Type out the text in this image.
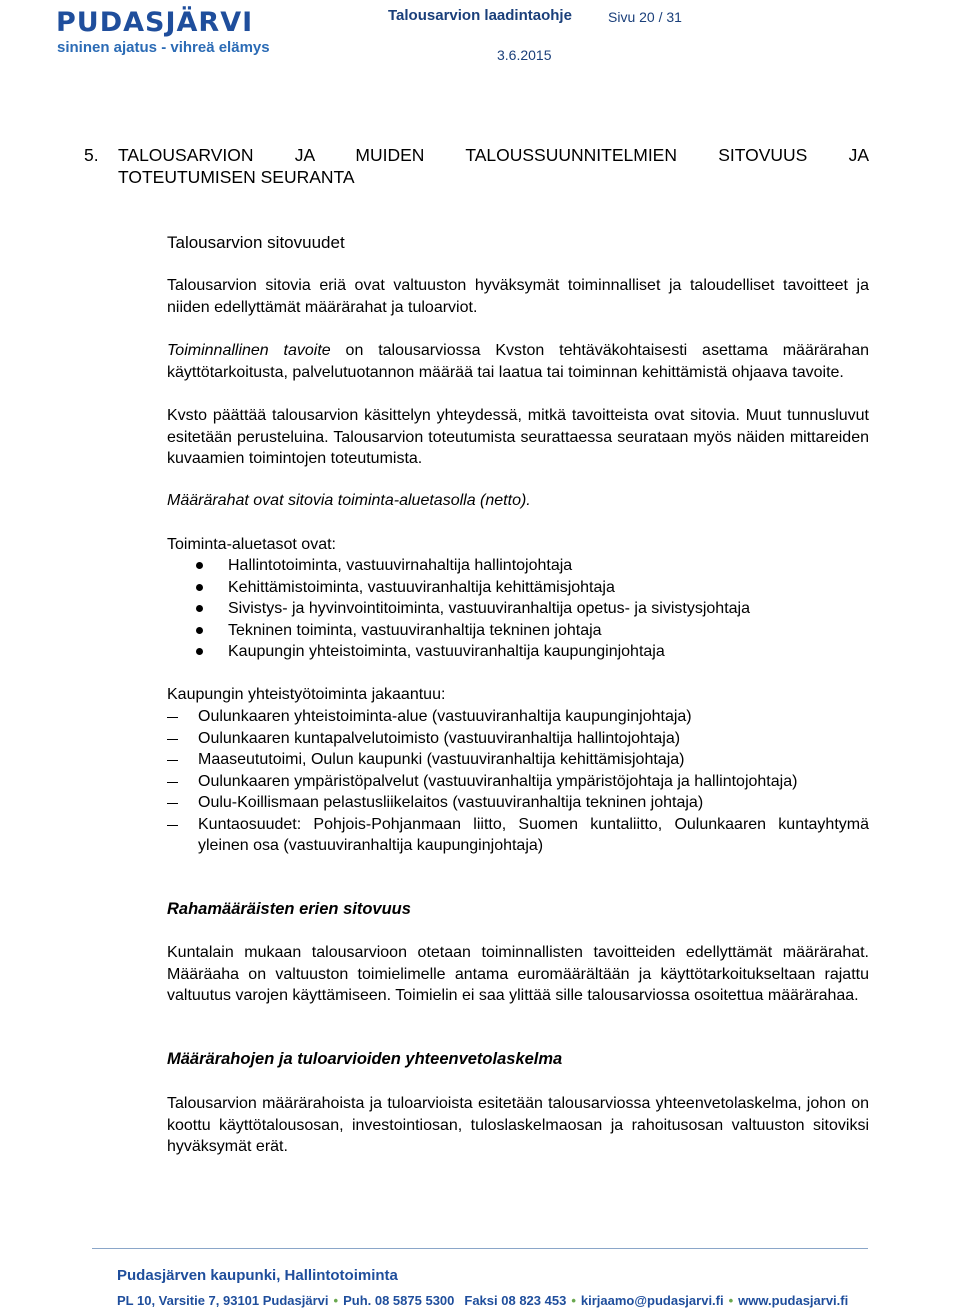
PUDASJÄRVI
sininen ajatus - vihreä elämys
Talousarvion laadintaohje	Sivu 20 / 31
3.6.2015
5. TALOUSARVION JA MUIDEN TALOUSSUUNNITELMIEN SITOVUUS JA
TOTEUTUMISEN SEURANTA
Talousarvion sitovuudet
Talousarvion sitovia eriä ovat valtuuston hyväksymät toiminnalliset ja taloudelliset tavoitteet ja niiden edellyttämät määrärahat ja tuloarviot.
Toiminnallinen tavoite on talousarviossa Kvston tehtäväkohtaisesti asettama määrärahan käyttötarkoitusta, palvelutuotannon määrää tai laatua tai toiminnan kehittämistä ohjaava tavoite.
Kvsto päättää talousarvion käsittelyn yhteydessä, mitkä tavoitteista ovat sitovia. Muut tunnusluvut esitetään perusteluina. Talousarvion toteutumista seurattaessa seurataan myös näiden mittareiden kuvaamien toimintojen toteutumista.
Määrärahat ovat sitovia toiminta-aluetasolla (netto).
Toiminta-aluetasot ovat:
Hallintotoiminta, vastuuvirnahaltija hallintojohtaja
Kehittämistoiminta, vastuuviranhaltija kehittämisjohtaja
Sivistys- ja hyvinvointitoiminta, vastuuviranhaltija opetus- ja sivistysjohtaja
Tekninen toiminta, vastuuviranhaltija tekninen johtaja
Kaupungin yhteistoiminta, vastuuviranhaltija kaupunginjohtaja
Kaupungin yhteistyötoiminta jakaantuu:
Oulunkaaren yhteistoiminta-alue (vastuuviranhaltija kaupunginjohtaja)
Oulunkaaren kuntapalvelutoimisto (vastuuviranhaltija hallintojohtaja)
Maaseututoimi, Oulun kaupunki (vastuuviranhaltija kehittämisjohtaja)
Oulunkaaren ympäristöpalvelut (vastuuviranhaltija ympäristöjohtaja ja hallintojohtaja)
Oulu-Koillismaan pelastusliikelaitos (vastuuviranhaltija tekninen johtaja)
Kuntaosuudet: Pohjois-Pohjanmaan liitto, Suomen kuntaliitto, Oulunkaaren kuntayhtymä yleinen osa (vastuuviranhaltija kaupunginjohtaja)
Rahamääräisten erien sitovuus
Kuntalain mukaan talousarvioon otetaan toiminnallisten tavoitteiden edellyttämät määrärahat. Määräaha on valtuuston toimielimelle antama euromäärältään ja käyttötarkoitukseltaan rajattu valtuutus varojen käyttämiseen. Toimielin ei saa ylittää sille talousarviossa osoitettua määrärahaa.
Määrärahojen ja tuloarvioiden yhteenvetolaskelma
Talousarvion määrärahoista ja tuloarvioista esitetään talousarviossa yhteenvetolaskelma, johon on koottu käyttötalousosan, investointiosan, tuloslaskelmaosan ja rahoitusosan valtuuston sitoviksi hyväksymät erät.
Pudasjärven kaupunki, Hallintotoiminta
PL 10, Varsitie 7, 93101 Pudasjärvi • Puh. 08 5875 5300 Faksi 08 823 453 • kirjaamo@pudasjarvi.fi • www.pudasjarvi.fi
